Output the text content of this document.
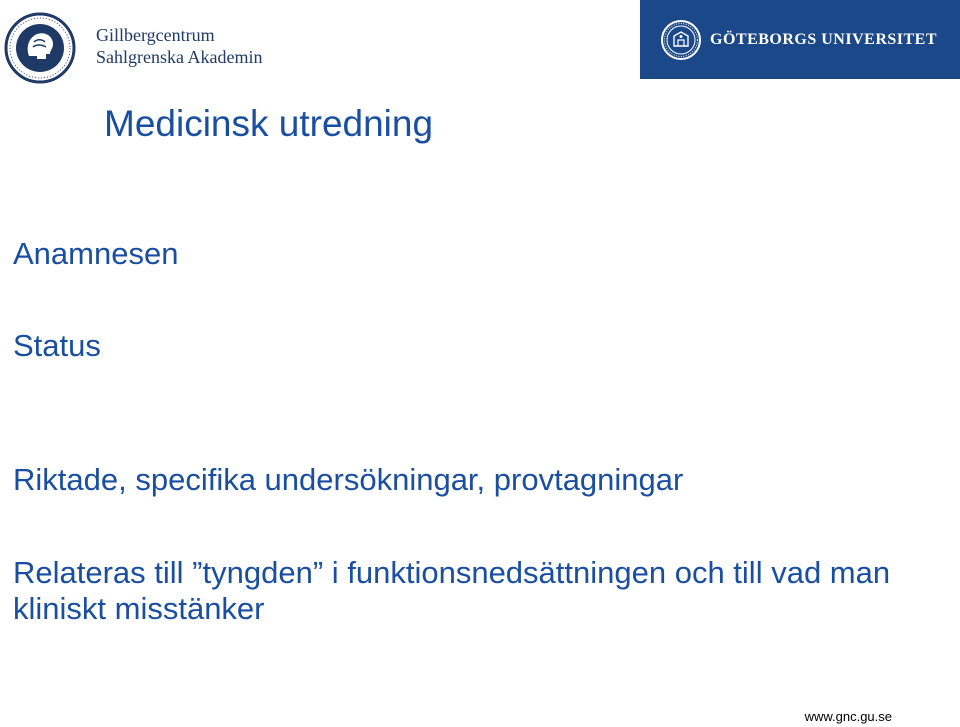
Gillbergcentrum
Sahlgrenska Akademin
GÖTEBORGS UNIVERSITET
Medicinsk utredning

Anamnesen

Status

Riktade, specifika undersökningar, provtagningar

Relateras till ”tyngden” i funktionsnedsättningen och till vad man kliniskt misstänker

www.gnc.gu.se
